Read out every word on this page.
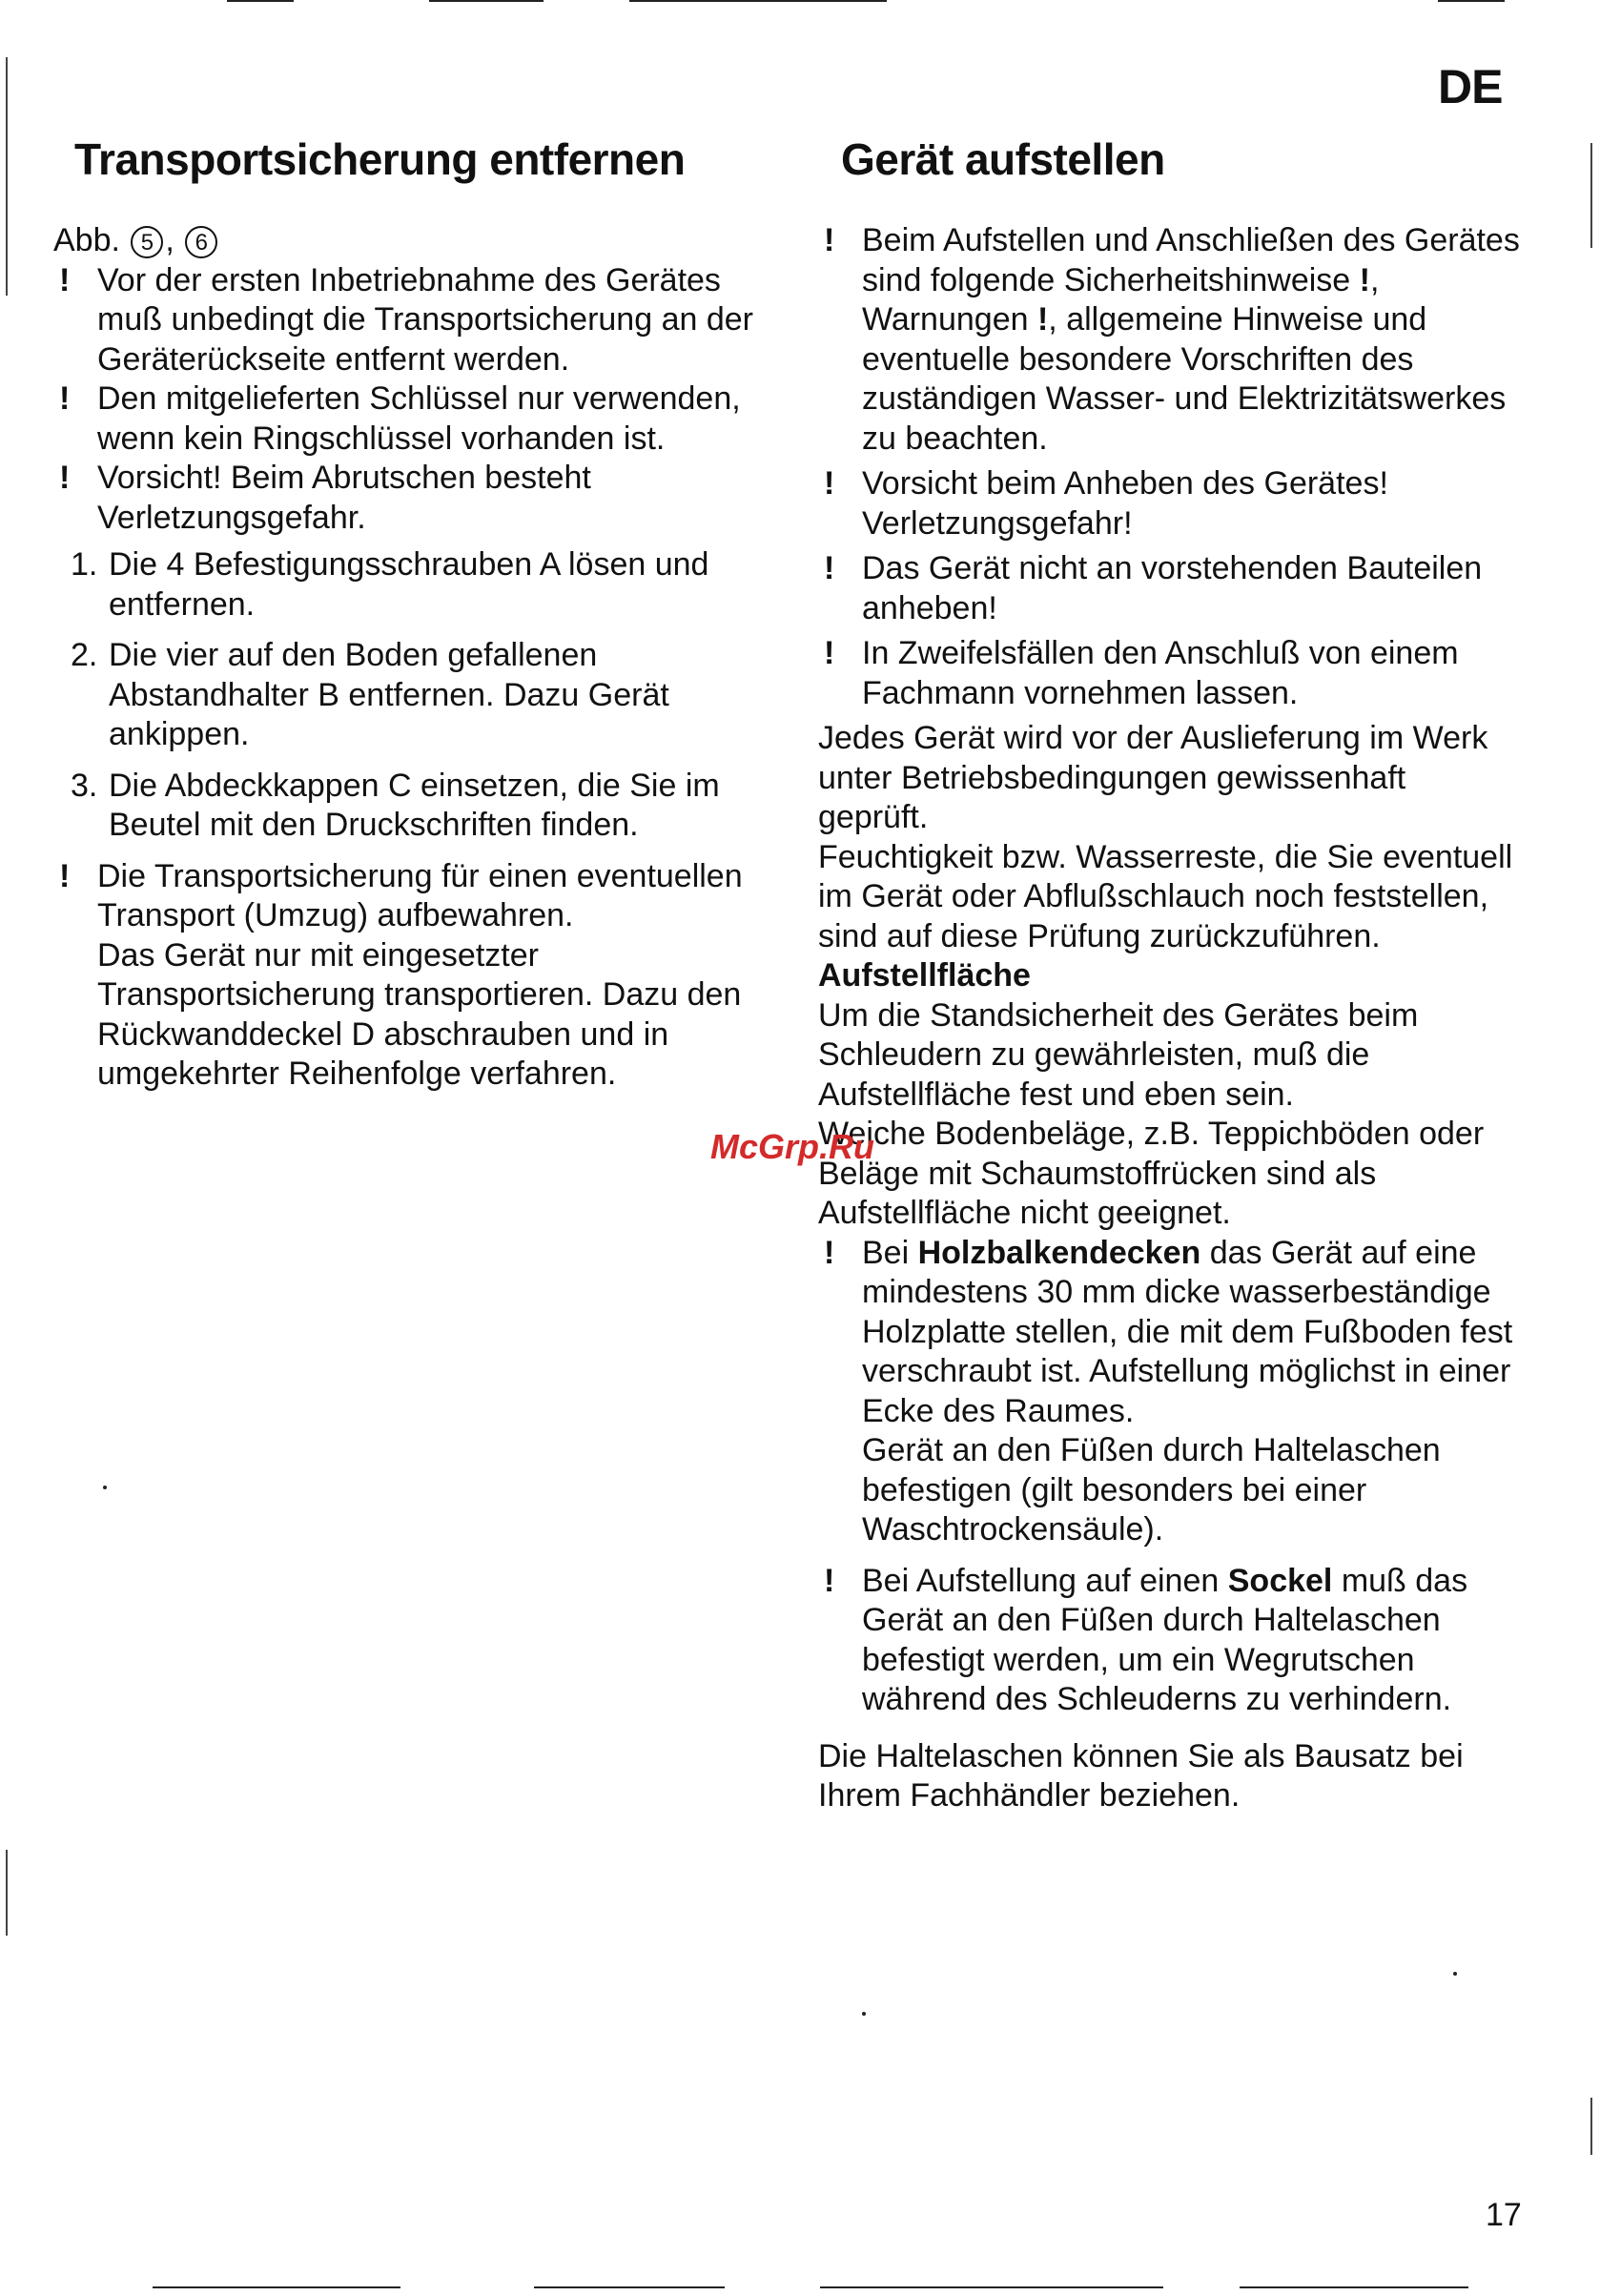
DE
Transportsicherung entfernen

Abb. 5 , 6

! Vor der ersten Inbetriebnahme des Gerätes muß unbedingt die Transportsicherung an der Geräterückseite entfernt werden.
! Den mitgelieferten Schlüssel nur verwenden, wenn kein Ringschlüssel vorhanden ist.
! Vorsicht! Beim Abrutschen besteht Verletzungsgefahr.
1. Die 4 Befestigungsschrauben A lösen und entfernen.
2. Die vier auf den Boden gefallenen Abstandhalter B entfernen. Dazu Gerät ankippen.
3. Die Abdeckkappen C einsetzen, die Sie im Beutel mit den Druckschriften finden.
! Die Transportsicherung für einen eventuellen Transport (Umzug) aufbewahren.

Das Gerät nur mit eingesetzter Transportsicherung transportieren. Dazu den Rückwanddeckel D abschrauben und in umgekehrter Reihenfolge verfahren.

Gerät aufstellen
! Beim Aufstellen und Anschließen des Gerätes sind folgende Sicherheitshinweise !, Warnungen !, allgemeine Hinweise und eventuelle besondere Vorschriften des zuständigen Wasser- und Elektrizitätswerkes zu beachten.
! Vorsicht beim Anheben des Gerätes! Verletzungsgefahr!
! Das Gerät nicht an vorstehenden Bauteilen anheben!
! In Zweifelsfällen den Anschluß von einem Fachmann vornehmen lassen.

Jedes Gerät wird vor der Auslieferung im Werk unter Betriebsbedingungen gewissenhaft geprüft.

Feuchtigkeit bzw. Wasserreste, die Sie eventuell im Gerät oder Abflußschlauch noch feststellen, sind auf diese Prüfung zurückzuführen.

Aufstellfläche

Um die Standsicherheit des Gerätes beim Schleudern zu gewährleisten, muß die Aufstellfläche fest und eben sein.

Weiche Bodenbeläge, z.B. Teppichböden oder Beläge mit Schaumstoffrücken sind als Aufstellfläche nicht geeignet.

! Bei Holzbalkendecken das Gerät auf eine mindestens 30 mm dicke wasserbeständige Holzplatte stellen, die mit dem Fußboden fest verschraubt ist. Aufstellung möglichst in einer Ecke des Raumes.

Gerät an den Füßen durch Haltelaschen befestigen (gilt besonders bei einer Waschtrockensäule).

! Bei Aufstellung auf einen Sockel muß das Gerät an den Füßen durch Haltelaschen befestigt werden, um ein Wegrutschen während des Schleuderns zu verhindern.

Die Haltelaschen können Sie als Bausatz bei Ihrem Fachhändler beziehen.

McGrp.Ru
17
